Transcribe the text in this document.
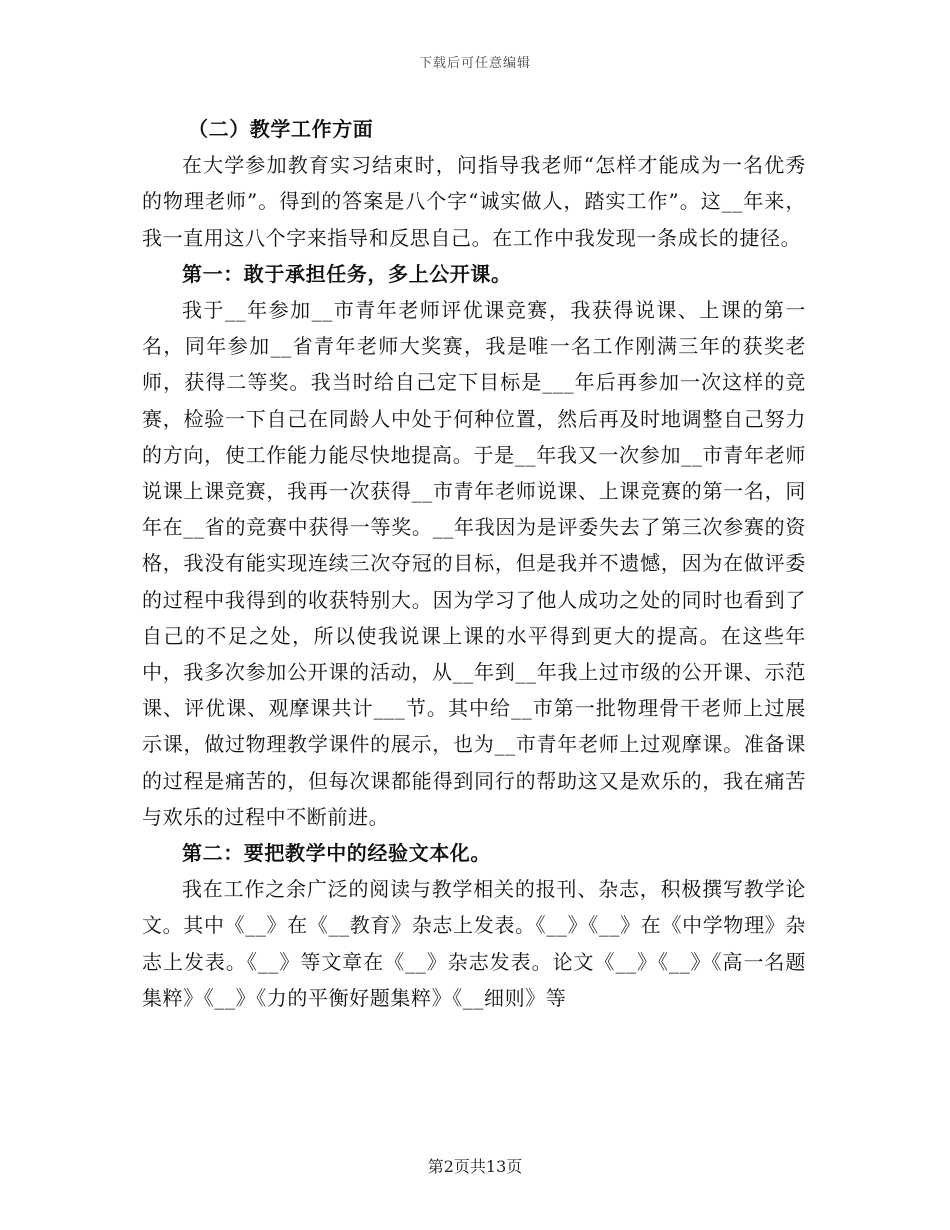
下载后可任意编辑

（二）教学工作方面

在大学参加教育实习结束时，问指导我老师“怎样才能成为一名优秀的物理老师”。得到的答案是八个字“诚实做人，踏实工作”。这__年来，我一直用这八个字来指导和反思自己。在工作中我发现一条成长的捷径。

第一：敢于承担任务，多上公开课。

我于__年参加__市青年老师评优课竞赛，我获得说课、上课的第一名，同年参加__省青年老师大奖赛，我是唯一名工作刚满三年的获奖老师，获得二等奖。我当时给自己定下目标是___年后再参加一次这样的竞赛，检验一下自己在同龄人中处于何种位置，然后再及时地调整自己努力的方向，使工作能力能尽快地提高。于是__年我又一次参加__市青年老师说课上课竞赛，我再一次获得__市青年老师说课、上课竞赛的第一名，同年在__省的竞赛中获得一等奖。__年我因为是评委失去了第三次参赛的资格，我没有能实现连续三次夺冠的目标，但是我并不遗憾，因为在做评委的过程中我得到的收获特别大。因为学习了他人成功之处的同时也看到了自己的不足之处，所以使我说课上课的水平得到更大的提高。在这些年中，我多次参加公开课的活动，从__年到__年我上过市级的公开课、示范课、评优课、观摩课共计___节。其中给__市第一批物理骨干老师上过展示课，做过物理教学课件的展示，也为__市青年老师上过观摩课。准备课的过程是痛苦的，但每次课都能得到同行的帮助这又是欢乐的，我在痛苦与欢乐的过程中不断前进。

第二：要把教学中的经验文本化。

我在工作之余广泛的阅读与教学相关的报刊、杂志，积极撰写教学论文。其中《__》在《__教育》杂志上发表。《__》《__》在《中学物理》杂志上发表。《__》等文章在《__》杂志发表。论文《__》《__》《高一名题集粹》《__》《力的平衡好题集粹》《__细则》等

第2页共13页
